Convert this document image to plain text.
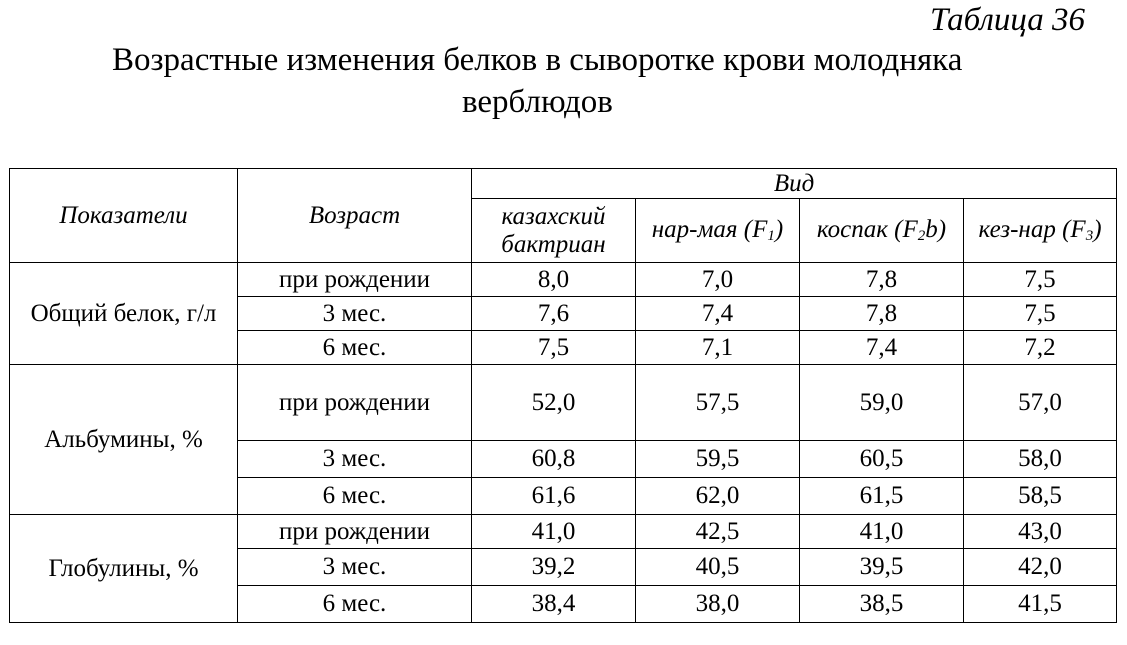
Таблица 36
Возрастные изменения белков в сыворотке крови молодняка
верблюдов
Показатели	Возраст	Вид			
		казахский бактриан	нар-мая $(F_1)$	коспак $(F_2b)$	кез-нар $(F_3)$
Общий белок, г/л	при рождении	8,0	7,0	7,8	7,5
	3 мес.	7,6	7,4	7,8	7,5
	6 мес.	7,5	7,1	7,4	7,2
Альбумины, %	при рождении	52,0	57,5	59,0	57,0
	3 мес.	60,8	59,5	60,5	58,0
	6 мес.	61,6	62,0	61,5	58,5
Глобулины, %	при рождении	41,0	42,5	41,0	43,0
	3 мес.	39,2	40,5	39,5	42,0
	6 мес.	38,4	38,0	38,5	41,5
